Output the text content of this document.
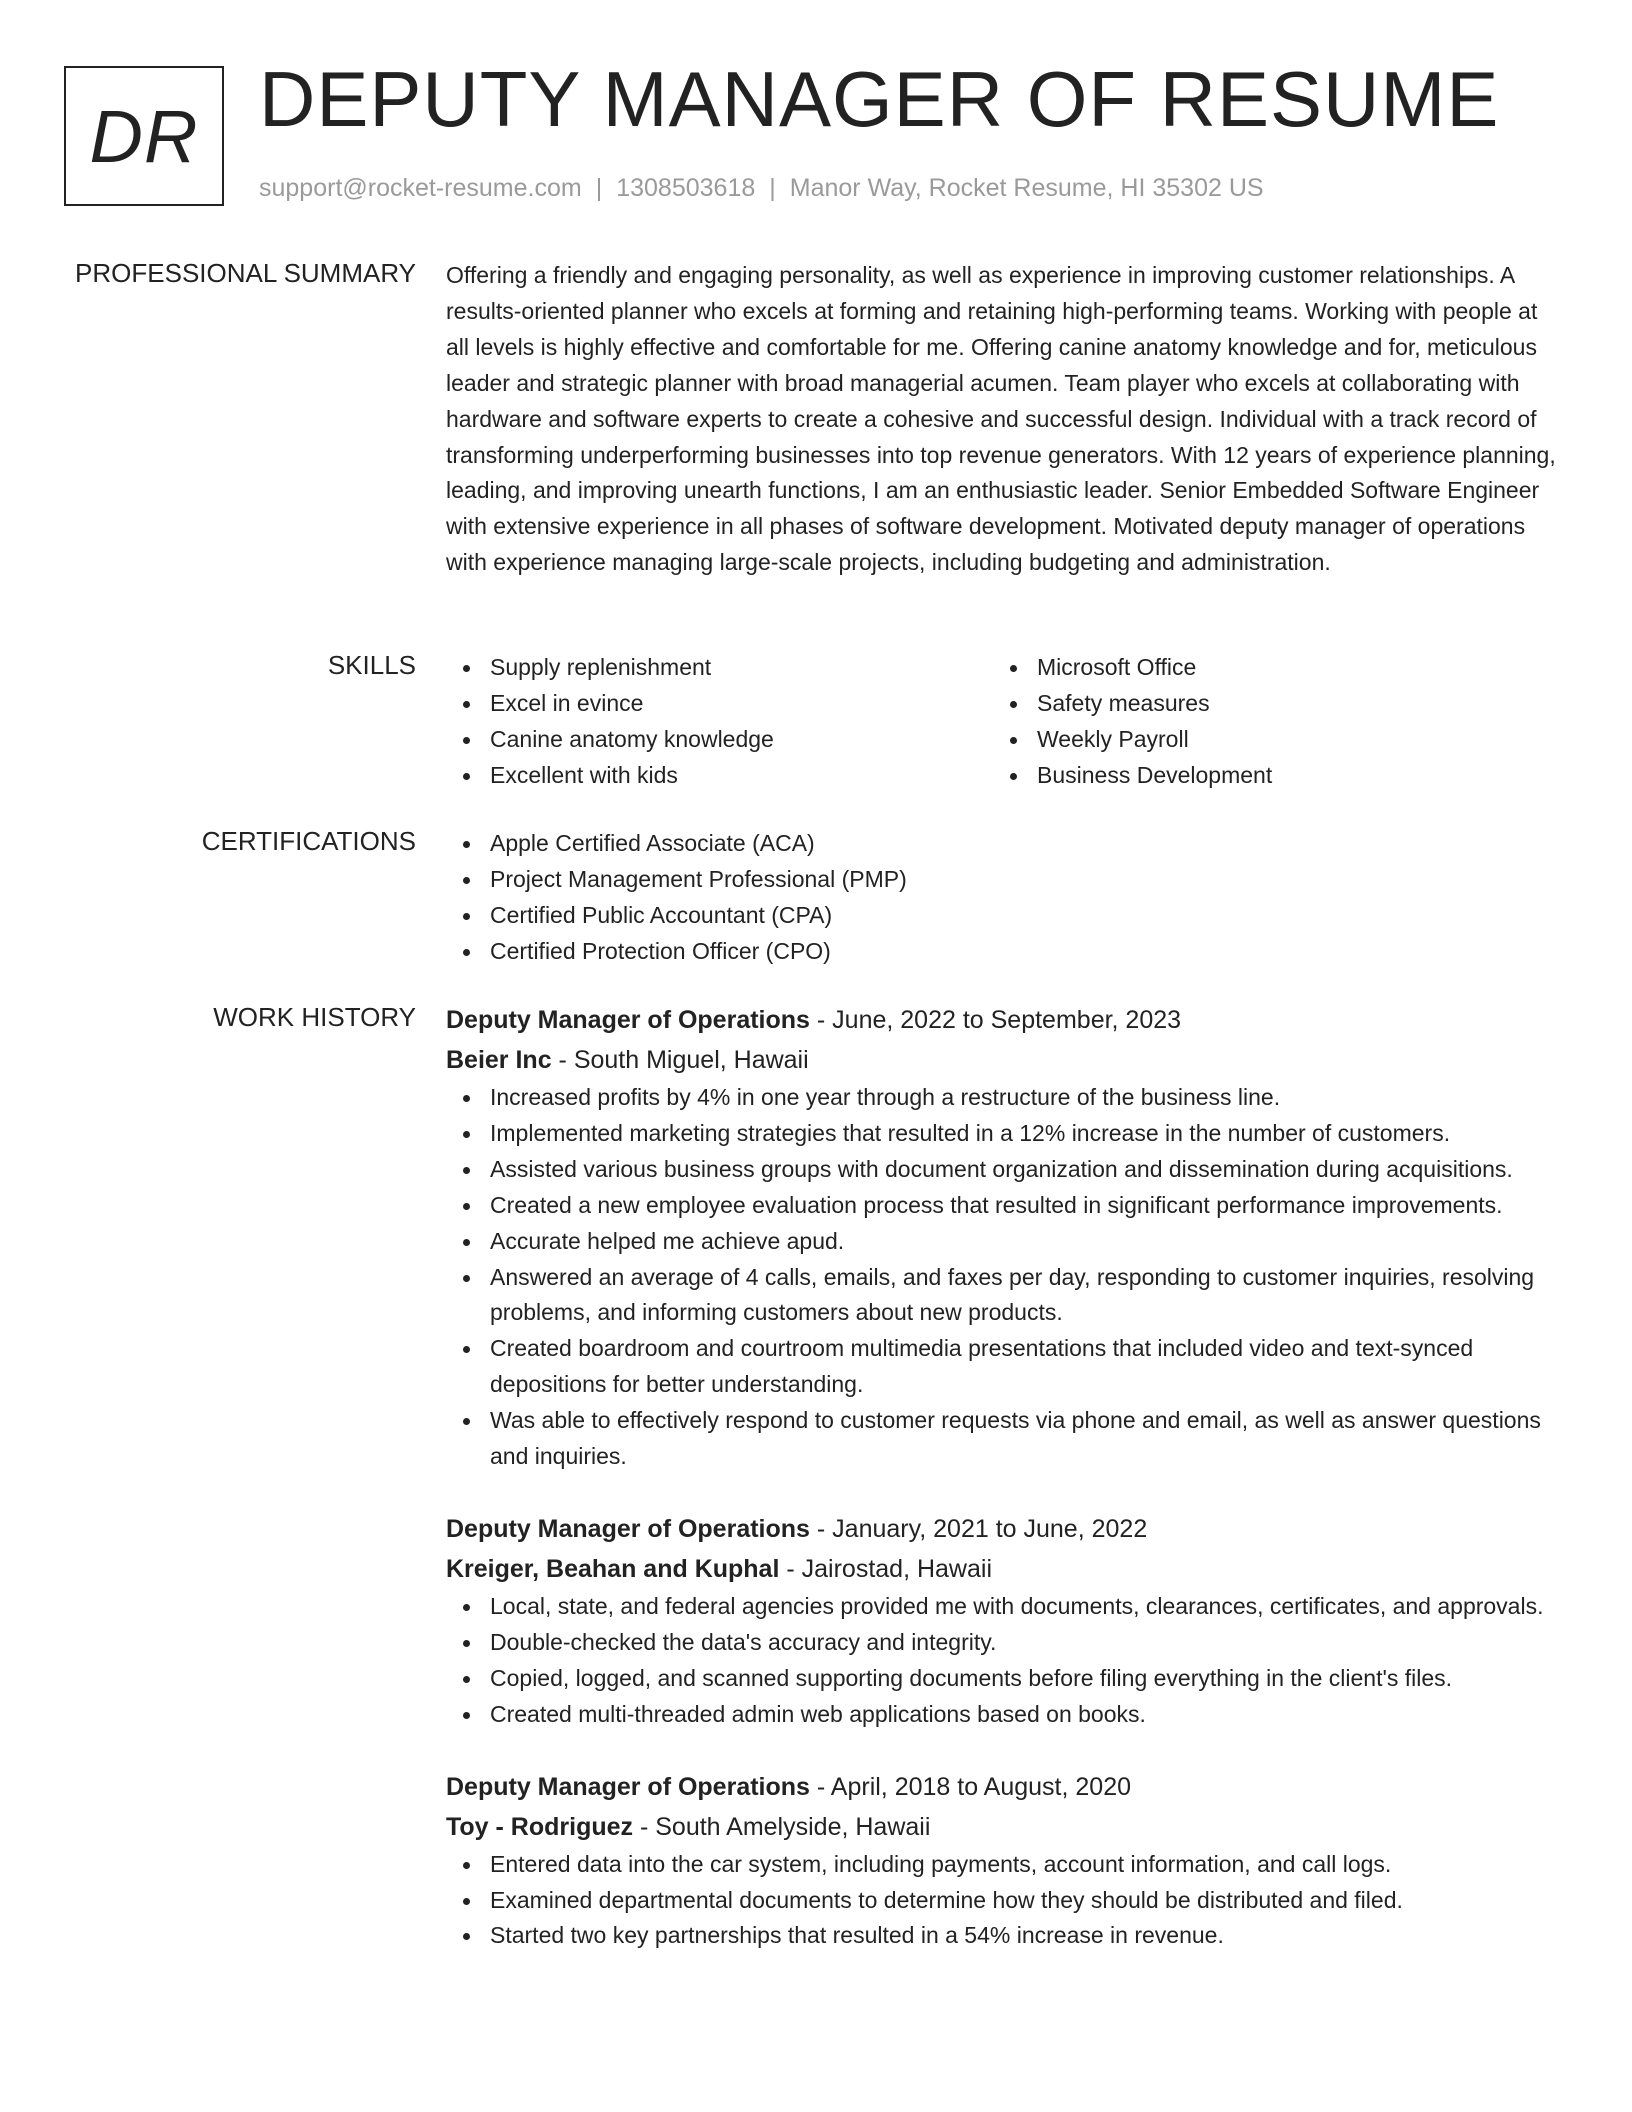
DR DEPUTY MANAGER OF RESUME
support@rocket-resume.com | 1308503618 | Manor Way, Rocket Resume, HI 35302 US
PROFESSIONAL SUMMARY Offering a friendly and engaging personality, as well as experience in improving customer relationships. A results-oriented planner who excels at forming and retaining high-performing teams. Working with people at all levels is highly effective and comfortable for me. Offering canine anatomy knowledge and for, meticulous leader and strategic planner with broad managerial acumen. Team player who excels at collaborating with hardware and software experts to create a cohesive and successful design. Individual with a track record of transforming underperforming businesses into top revenue generators. With 12 years of experience planning, leading, and improving unearth functions, I am an enthusiastic leader. Senior Embedded Software Engineer with extensive experience in all phases of software development. Motivated deputy manager of operations with experience managing large-scale projects, including budgeting and administration.

SKILLS	Supply replenishment
Excel in evince
Canine anatomy knowledge
Excellent with kids
Microsoft Office
Safety measures
Weekly Payroll
Business Development
CERTIFICATIONS	Apple Certified Associate (ACA)
Project Management Professional (PMP)
Certified Public Accountant (CPA)
Certified Protection Officer (CPO)
WORK HISTORY Deputy Manager of Operations - June, 2022 to September, 2023
Beier Inc - South Miguel, Hawaii
Increased profits by 4% in one year through a restructure of the business line.
Implemented marketing strategies that resulted in a 12% increase in the number of customers.
Assisted various business groups with document organization and dissemination during acquisitions.
Created a new employee evaluation process that resulted in significant performance improvements.
Accurate helped me achieve apud.
Answered an average of 4 calls, emails, and faxes per day, responding to customer inquiries, resolving problems, and informing customers about new products.
Created boardroom and courtroom multimedia presentations that included video and text-synced depositions for better understanding.
Was able to effectively respond to customer requests via phone and email, as well as answer questions and inquiries.
Deputy Manager of Operations - January, 2021 to June, 2022
Kreiger, Beahan and Kuphal - Jairostad, Hawaii
Local, state, and federal agencies provided me with documents, clearances, certificates, and approvals.
Double-checked the data's accuracy and integrity.
Copied, logged, and scanned supporting documents before filing everything in the client's files.
Created multi-threaded admin web applications based on books.
Deputy Manager of Operations - April, 2018 to August, 2020
Toy - Rodriguez - South Amelyside, Hawaii
Entered data into the car system, including payments, account information, and call logs.
Examined departmental documents to determine how they should be distributed and filed.
Started two key partnerships that resulted in a 54% increase in revenue.
